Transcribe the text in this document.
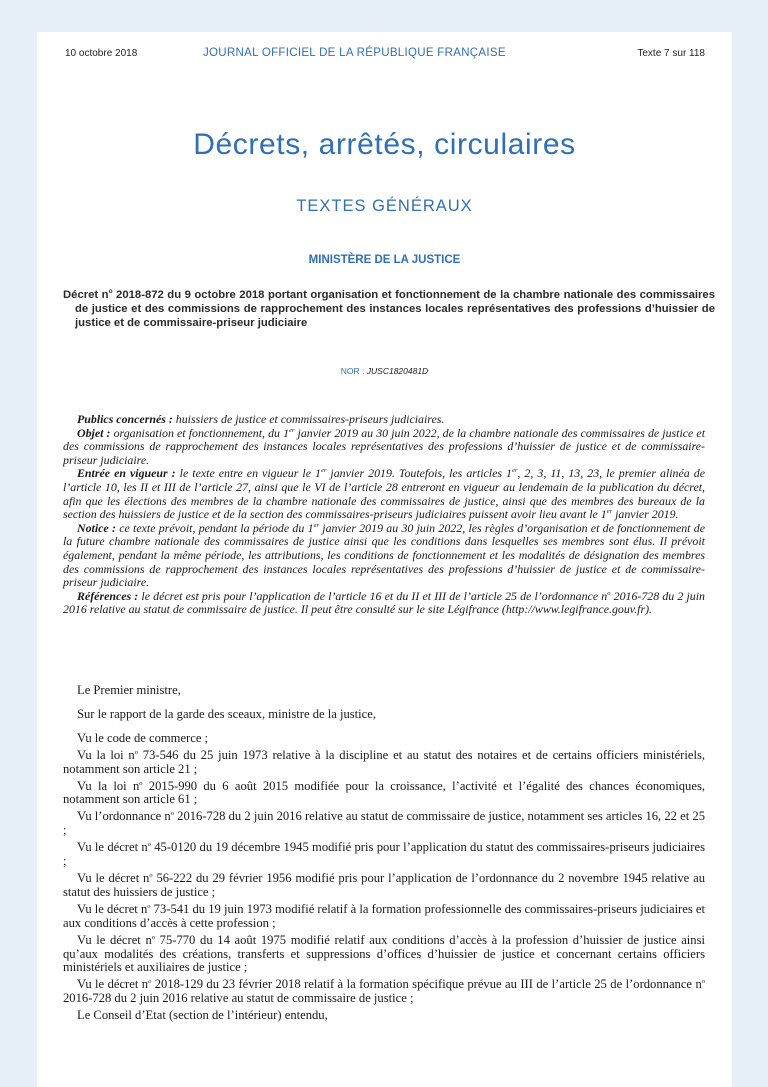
10 octobre 2018	JOURNAL OFFICIEL DE LA RÉPUBLIQUE FRANÇAISE	Texte 7 sur 118
Décrets, arrêtés, circulaires
TEXTES GÉNÉRAUX
MINISTÈRE DE LA JUSTICE
Décret $n^o$ 2018-872 du 9 octobre 2018 portant organisation et fonctionnement de la chambre nationale des commissaires de justice et des commissions de rapprochement des instances locales représentatives des professions d’huissier de justice et de commissaire-priseur judiciaire
NOR : JUSC1820481D

Publics concernés : huissiers de justice et commissaires-priseurs judiciaires.

Objet : organisation et fonctionnement, du 1er janvier 2019 au 30 juin 2022, de la chambre nationale des commissaires de justice et des commissions de rapprochement des instances locales représentatives des professions d’huissier de justice et de commissaire-priseur judiciaire.

Entrée en vigueur : le texte entre en vigueur le 1er janvier 2019. Toutefois, les articles 1er, 2, 3, 11, 13, 23, le premier alinéa de l’article 10, les II et III de l’article 27, ainsi que le VI de l’article 28 entreront en vigueur au lendemain de la publication du décret, afin que les élections des membres de la chambre nationale des commissaires de justice, ainsi que des membres des bureaux de la section des huissiers de justice et de la section des commissaires-priseurs judiciaires puissent avoir lieu avant le 1er janvier 2019.

Notice : ce texte prévoit, pendant la période du 1er janvier 2019 au 30 juin 2022, les règles d’organisation et de fonctionnement de la future chambre nationale des commissaires de justice ainsi que les conditions dans lesquelles ses membres sont élus. Il prévoit également, pendant la même période, les attributions, les conditions de fonctionnement et les modalités de désignation des membres des commissions de rapprochement des instances locales représentatives des professions d’huissier de justice et de commissaire-priseur judiciaire.

Références : le décret est pris pour l’application de l’article 16 et du II et III de l’article 25 de l’ordonnance $n^o$ 2016-728 du 2 juin 2016 relative au statut de commissaire de justice. Il peut être consulté sur le site Légifrance (http://www.legifrance.gouv.fr).

Le Premier ministre,

Sur le rapport de la garde des sceaux, ministre de la justice,

Vu le code de commerce ;

Vu la loi $n^o$ 73-546 du 25 juin 1973 relative à la discipline et au statut des notaires et de certains officiers ministériels, notamment son article 21 ;

Vu la loi $n^o$ 2015-990 du 6 août 2015 modifiée pour la croissance, l’activité et l’égalité des chances économiques, notamment son article 61 ;

Vu l’ordonnance $n^o$ 2016-728 du 2 juin 2016 relative au statut de commissaire de justice, notamment ses articles 16, 22 et 25 ;

Vu le décret $n^o$ 45-0120 du 19 décembre 1945 modifié pris pour l’application du statut des commissaires-priseurs judiciaires ;

Vu le décret $n^o$ 56-222 du 29 février 1956 modifié pris pour l’application de l’ordonnance du 2 novembre 1945 relative au statut des huissiers de justice ;

Vu le décret $n^o$ 73-541 du 19 juin 1973 modifié relatif à la formation professionnelle des commissaires-priseurs judiciaires et aux conditions d’accès à cette profession ;

Vu le décret $n^o$ 75-770 du 14 août 1975 modifié relatif aux conditions d’accès à la profession d’huissier de justice ainsi qu’aux modalités des créations, transferts et suppressions d’offices d’huissier de justice et concernant certains officiers ministériels et auxiliaires de justice ;

Vu le décret $n^o$ 2018-129 du 23 février 2018 relatif à la formation spécifique prévue au III de l’article 25 de l’ordonnance $n^o$ 2016-728 du 2 juin 2016 relative au statut de commissaire de justice ;

Le Conseil d’Etat (section de l’intérieur) entendu,
